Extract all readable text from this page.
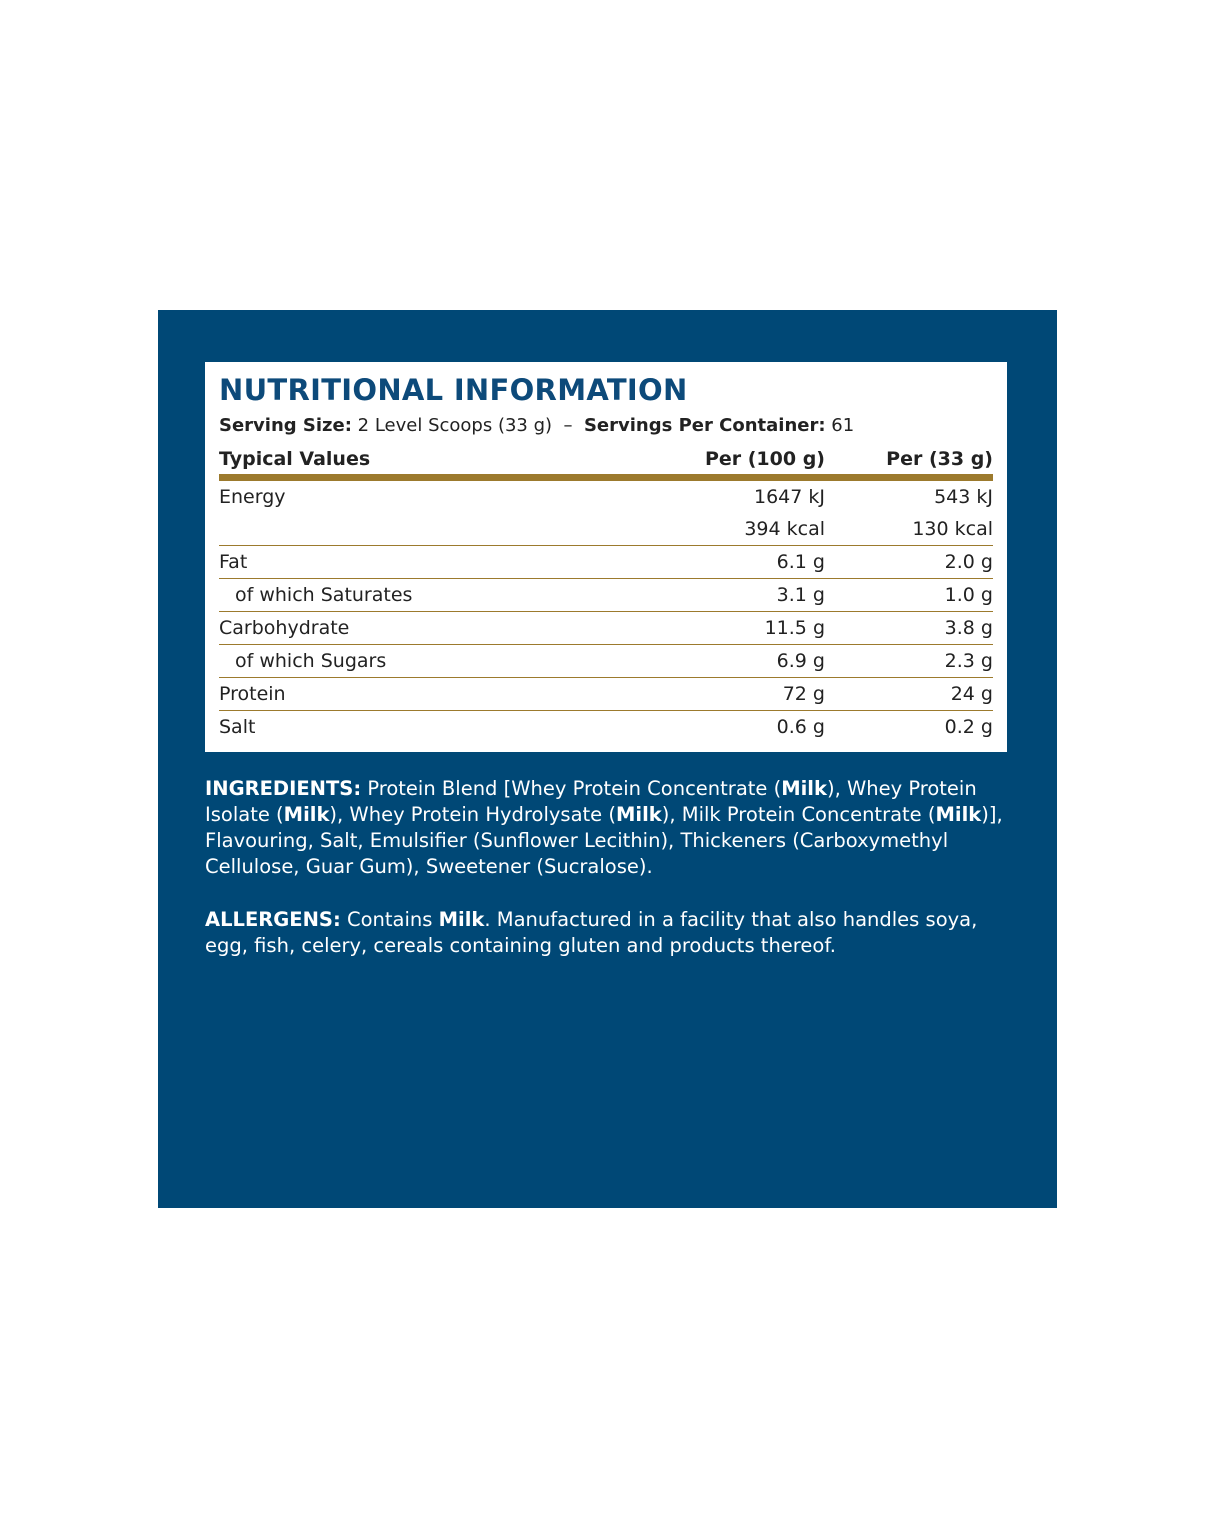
NUTRITIONAL INFORMATION
Serving Size: 2 Level Scoops (33 g) – Servings Per Container: 61
Typical Values	Per (100 g)	Per (33 g)
Energy	1647 kJ	543 kJ
394 kcal	130 kcal
Fat	6.1 g	2.0 g
of which Saturates	3.1 g	1.0 g
Carbohydrate	11.5 g	3.8 g
of which Sugars	6.9 g	2.3 g
Protein	72 g	24 g
Salt	0.6 g	0.2 g
INGREDIENTS: Protein Blend [Whey Protein Concentrate (Milk), Whey Protein Isolate (Milk), Whey Protein Hydrolysate (Milk), Milk Protein Concentrate (Milk)], Flavouring, Salt, Emulsifier (Sunflower Lecithin), Thickeners (Carboxymethyl Cellulose, Guar Gum), Sweetener (Sucralose).
ALLERGENS: Contains Milk. Manufactured in a facility that also handles soya, egg, fish, celery, cereals containing gluten and products thereof.
